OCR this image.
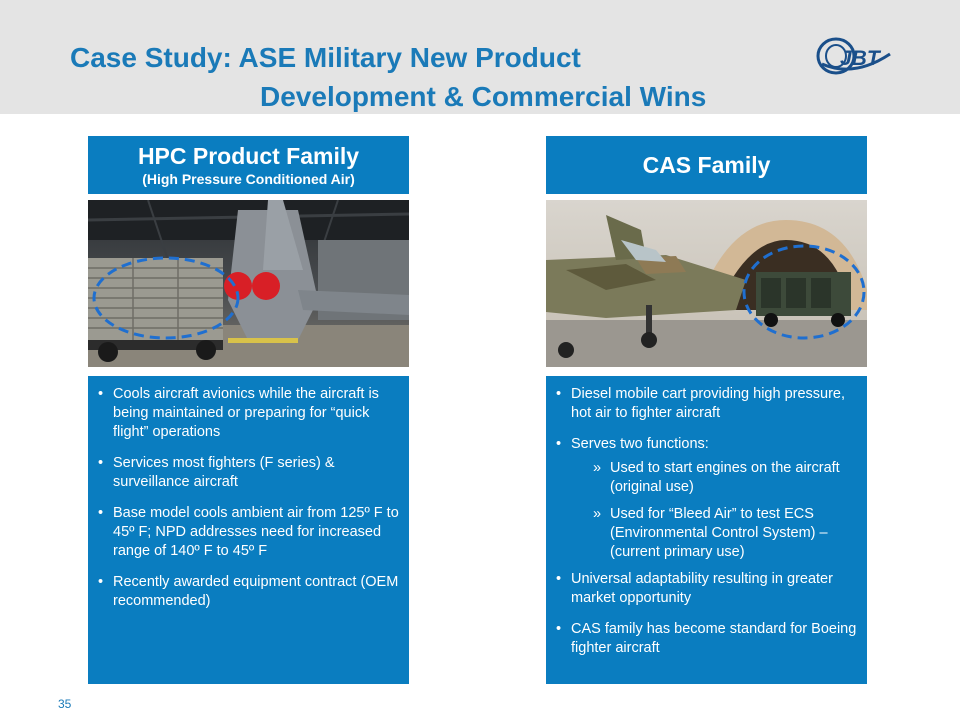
Case Study: ASE Military New Product
Development & Commercial Wins
JBT
HPC Product Family
(High Pressure Conditioned Air)
• Cools aircraft avionics while the aircraft is being maintained or preparing for “quick flight” operations
• Services most fighters (F series) & surveillance aircraft
• Base model cools ambient air from 125º F to 45º F; NPD addresses need for increased range of 140º F to 45º F
• Recently awarded equipment contract (OEM recommended)
CAS Family
• Diesel mobile cart providing high pressure, hot air to fighter aircraft
• Serves two functions:
» Used to start engines on the aircraft (original use)
» Used for “Bleed Air” to test ECS (Environmental Control System) – (current primary use)
• Universal adaptability resulting in greater market opportunity
• CAS family has become standard for Boeing fighter aircraft
35
